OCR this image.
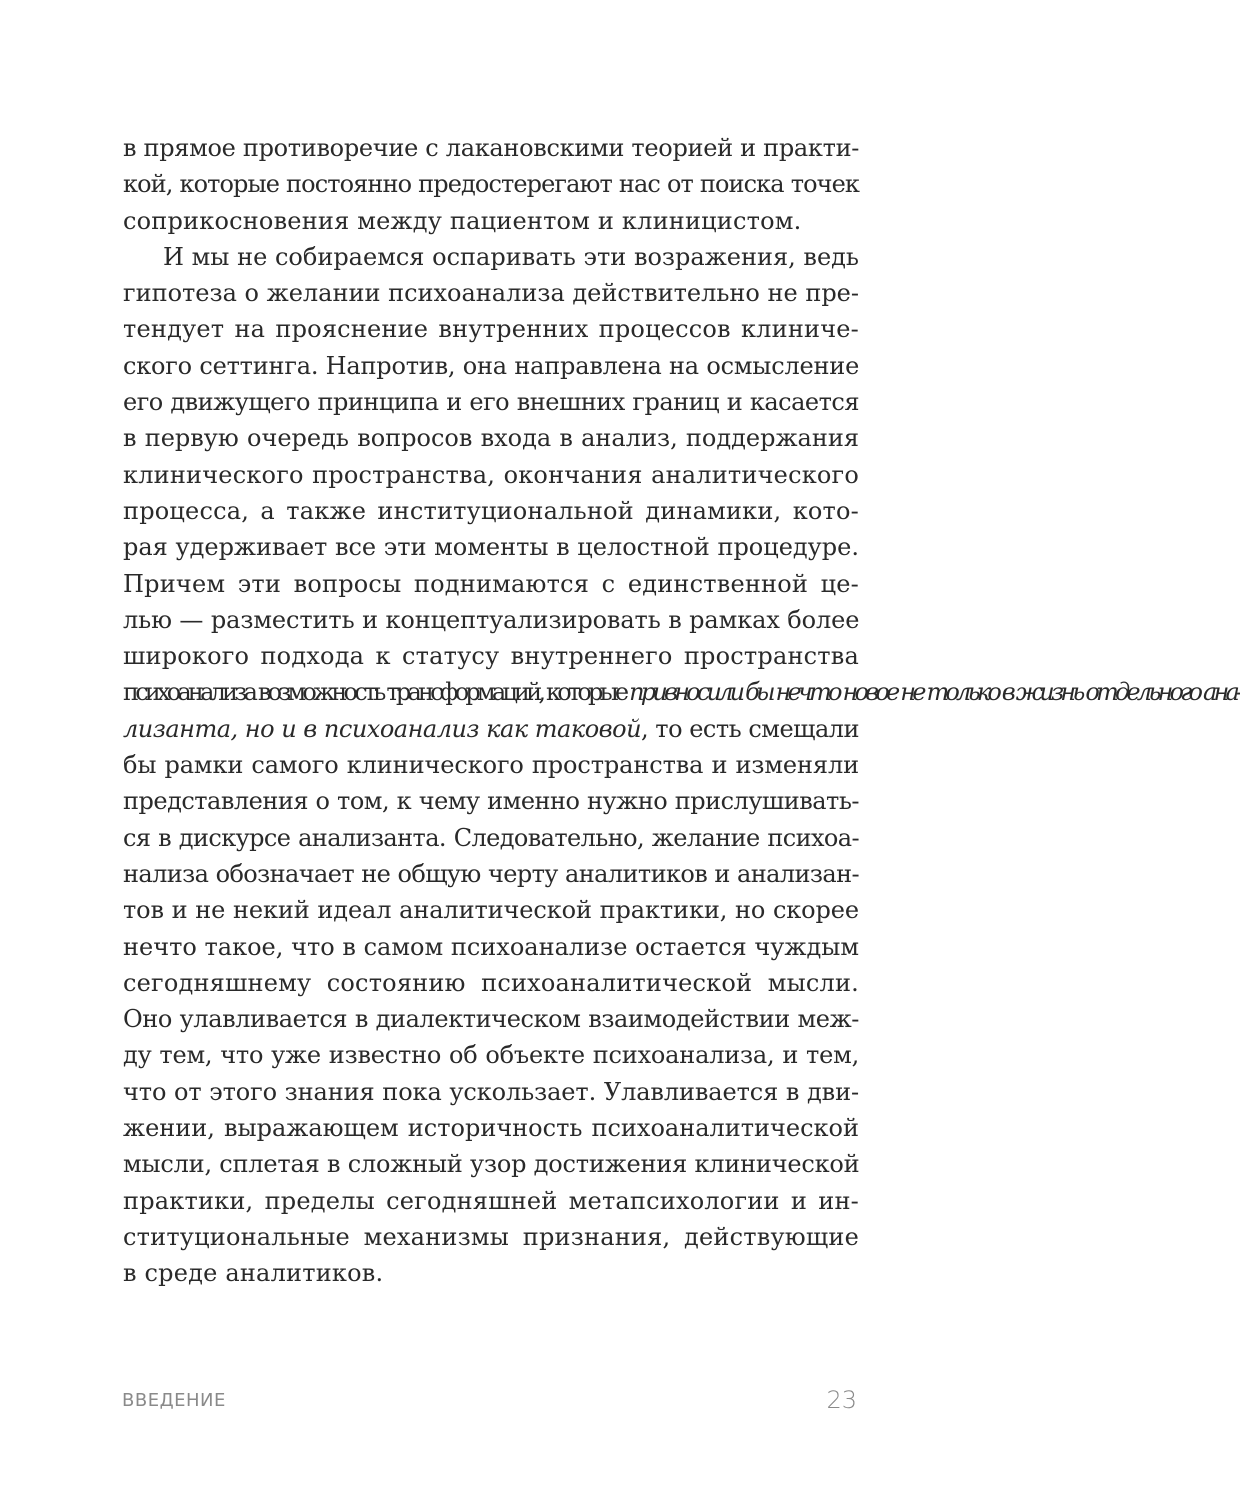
в прямое противоречие с лакановскими теорией и практи-
кой, которые постоянно предостерегают нас от поиска точек
соприкосновения между пациентом и клиницистом.
И мы не собираемся оспаривать эти возражения, ведь
гипотеза о желании психоанализа действительно не пре-
тендует на прояснение внутренних процессов клиниче-
ского сеттинга. Напротив, она направлена на осмысление
его движущего принципа и его внешних границ и касается
в первую очередь вопросов входа в анализ, поддержания
клинического пространства, окончания аналитического
процесса, а также институциональной динамики, кото-
рая удерживает все эти моменты в целостной процедуре.
Причем эти вопросы поднимаются с единственной це-
лью — разместить и концептуализировать в рамках более
широкого подхода к статусу внутреннего пространства
психоанализа возможность трансформаций, которые привносили бы нечто новое не только в жизнь отдельного ана-
лизанта, но и в психоанализ как таковой, то есть смещали
бы рамки самого клинического пространства и изменяли
представления о том, к чему именно нужно прислушивать-
ся в дискурсе анализанта. Следовательно, желание психоа-
нализа обозначает не общую черту аналитиков и анализан-
тов и не некий идеал аналитической практики, но скорее
нечто такое, что в самом психоанализе остается чуждым
сегодняшнему состоянию психоаналитической мысли.
Оно улавливается в диалектическом взаимодействии меж-
ду тем, что уже известно об объекте психоанализа, и тем,
что от этого знания пока ускользает. Улавливается в дви-
жении, выражающем историчность психоаналитической
мысли, сплетая в сложный узор достижения клинической
практики, пределы сегодняшней метапсихологии и ин-
ституциональные механизмы признания, действующие
в среде аналитиков.
ВВЕДЕНИЕ	23
